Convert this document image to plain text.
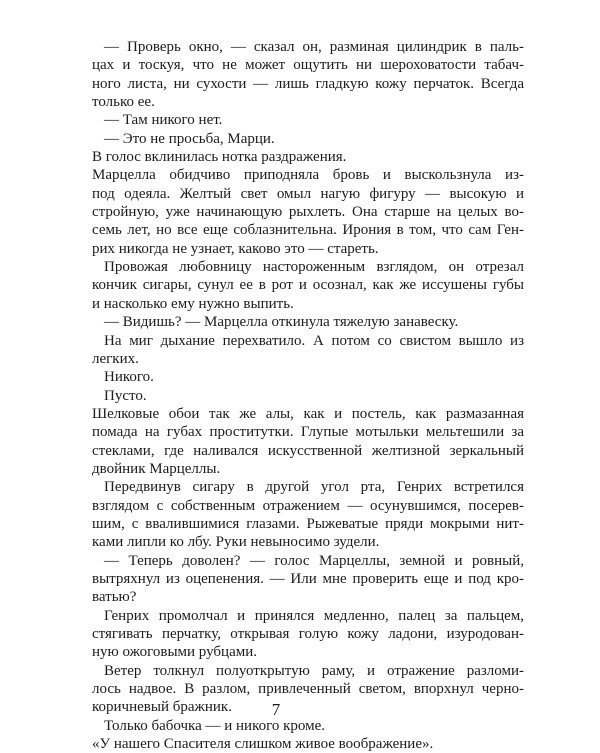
— Проверь окно, — сказал он, разминая цилиндрик в паль-
цах и тоскуя, что не может ощутить ни шероховатости табач-
ного листа, ни сухости — лишь гладкую кожу перчаток. Всегда
только ее.
— Там никого нет.
— Это не просьба, Марци.
В голос вклинилась нотка раздражения.
Марцелла обидчиво приподняла бровь и выскользнула из-
под одеяла. Желтый свет омыл нагую фигуру — высокую и
стройную, уже начинающую рыхлеть. Она старше на целых во-
семь лет, но все еще соблазнительна. Ирония в том, что сам Ген-
рих никогда не узнает, каково это — стареть.
Провожая любовницу настороженным взглядом, он отрезал
кончик сигары, сунул ее в рот и осознал, как же иссушены губы
и насколько ему нужно выпить.
— Видишь? — Марцелла откинула тяжелую занавеску.
На миг дыхание перехватило. А потом со свистом вышло из
легких.
Никого.
Пусто.
Шелковые обои так же алы, как и постель, как размазанная
помада на губах проститутки. Глупые мотыльки мельтешили за
стеклами, где наливался искусственной желтизной зеркальный
двойник Марцеллы.
Передвинув сигару в другой угол рта, Генрих встретился
взглядом с собственным отражением — осунувшимся, посерев-
шим, с ввалившимися глазами. Рыжеватые пряди мокрыми нит-
ками липли ко лбу. Руки невыносимо зудели.
— Теперь доволен? — голос Марцеллы, земной и ровный,
вытряхнул из оцепенения. — Или мне проверить еще и под кро-
ватью?
Генрих промолчал и принялся медленно, палец за пальцем,
стягивать перчатку, открывая голую кожу ладони, изуродован-
ную ожоговыми рубцами.
Ветер толкнул полуоткрытую раму, и отражение разломи-
лось надвое. В разлом, привлеченный светом, впорхнул черно-
коричневый бражник.
Только бабочка — и никого кроме.
«У нашего Спасителя слишком живое воображение».
7
